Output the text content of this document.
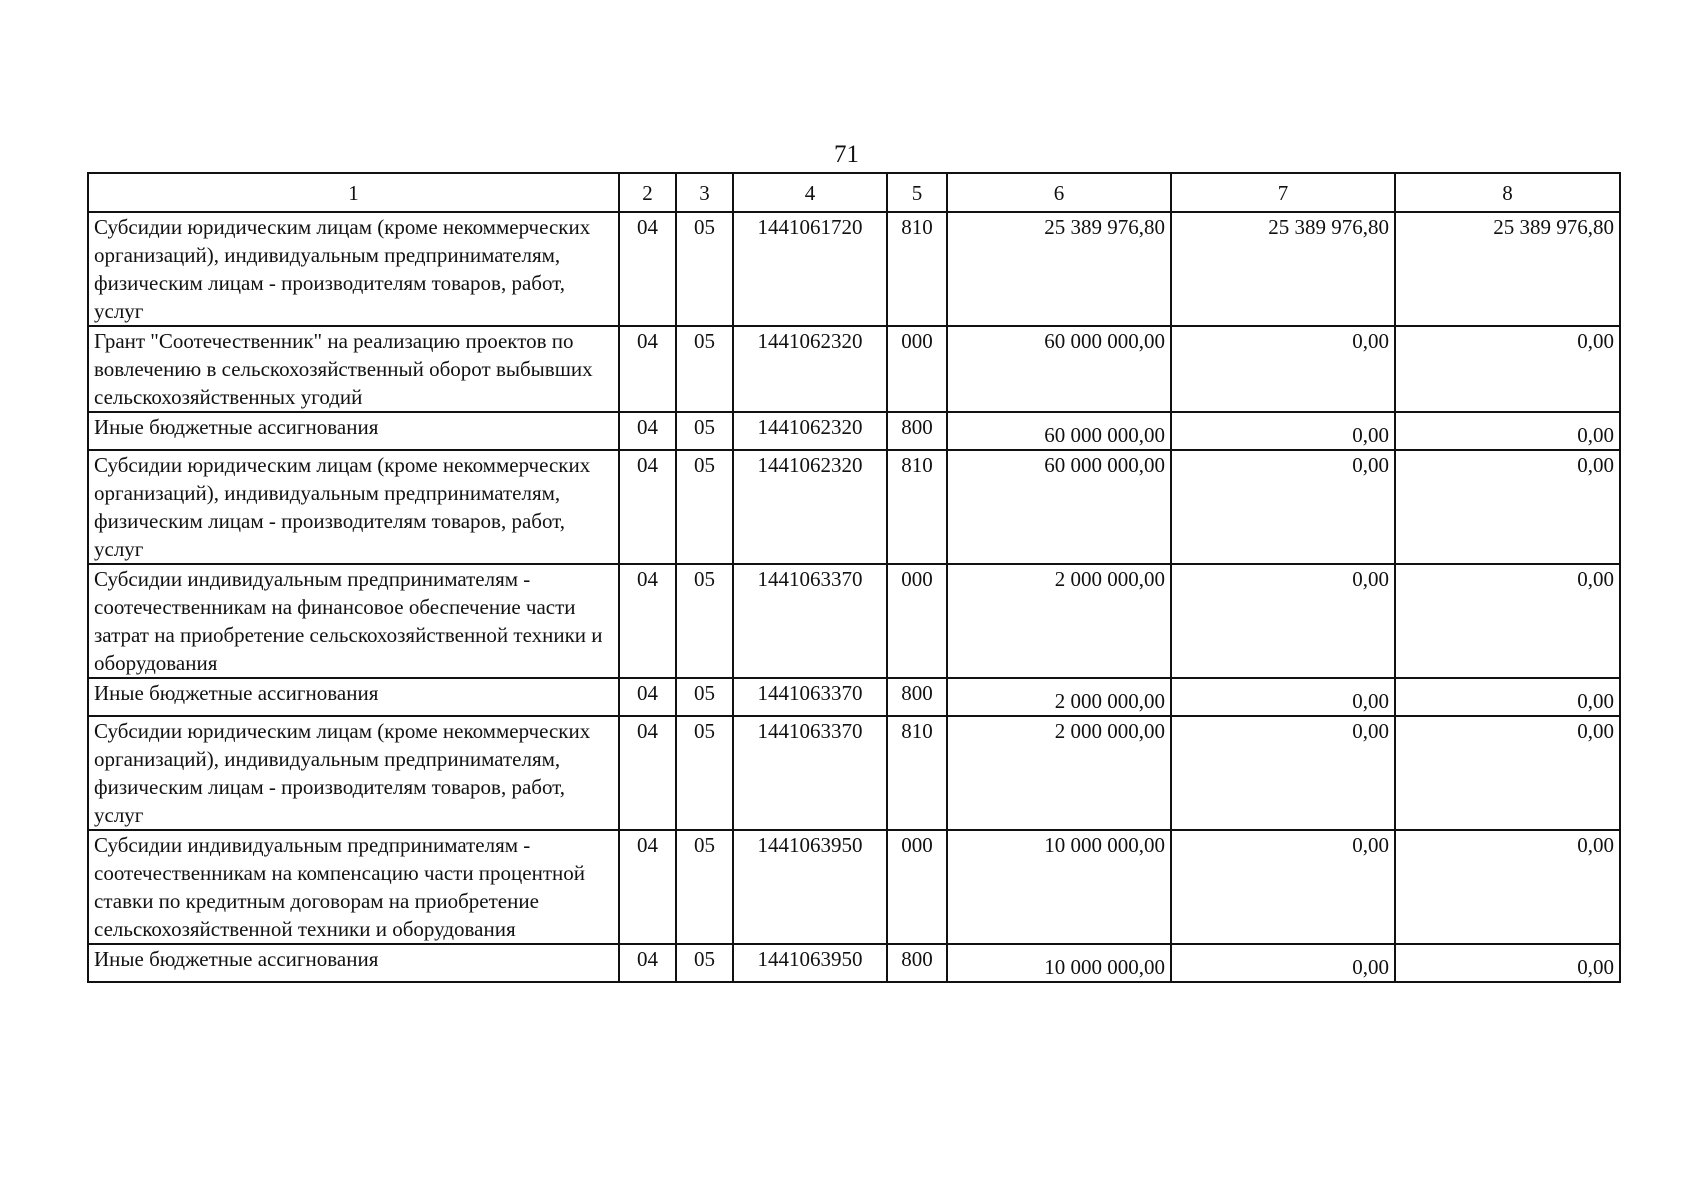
71
1	2	3	4	5	6	7	8
Субсидии юридическим лицам (кроме некоммерческих организаций), индивидуальным предпринимателям, физическим лицам - производителям товаров, работ, услуг	04	05	1441061720	810	25 389 976,80	25 389 976,80	25 389 976,80
Грант "Соотечественник" на реализацию проектов по вовлечению в сельскохозяйственный оборот выбывших сельскохозяйственных угодий	04	05	1441062320	000	60 000 000,00	0,00	0,00
Иные бюджетные ассигнования	04	05	1441062320	800	60 000 000,00	0,00	0,00
Субсидии юридическим лицам (кроме некоммерческих организаций), индивидуальным предпринимателям, физическим лицам - производителям товаров, работ, услуг	04	05	1441062320	810	60 000 000,00	0,00	0,00
Субсидии индивидуальным предпринимателям - соотечественникам на финансовое обеспечение части затрат на приобретение сельскохозяйственной техники и оборудования	04	05	1441063370	000	2 000 000,00	0,00	0,00
Иные бюджетные ассигнования	04	05	1441063370	800	2 000 000,00	0,00	0,00
Субсидии юридическим лицам (кроме некоммерческих организаций), индивидуальным предпринимателям, физическим лицам - производителям товаров, работ, услуг	04	05	1441063370	810	2 000 000,00	0,00	0,00
Субсидии индивидуальным предпринимателям - соотечественникам на компенсацию части процентной ставки по кредитным договорам на приобретение сельскохозяйственной техники и оборудования	04	05	1441063950	000	10 000 000,00	0,00	0,00
Иные бюджетные ассигнования	04	05	1441063950	800	10 000 000,00	0,00	0,00
